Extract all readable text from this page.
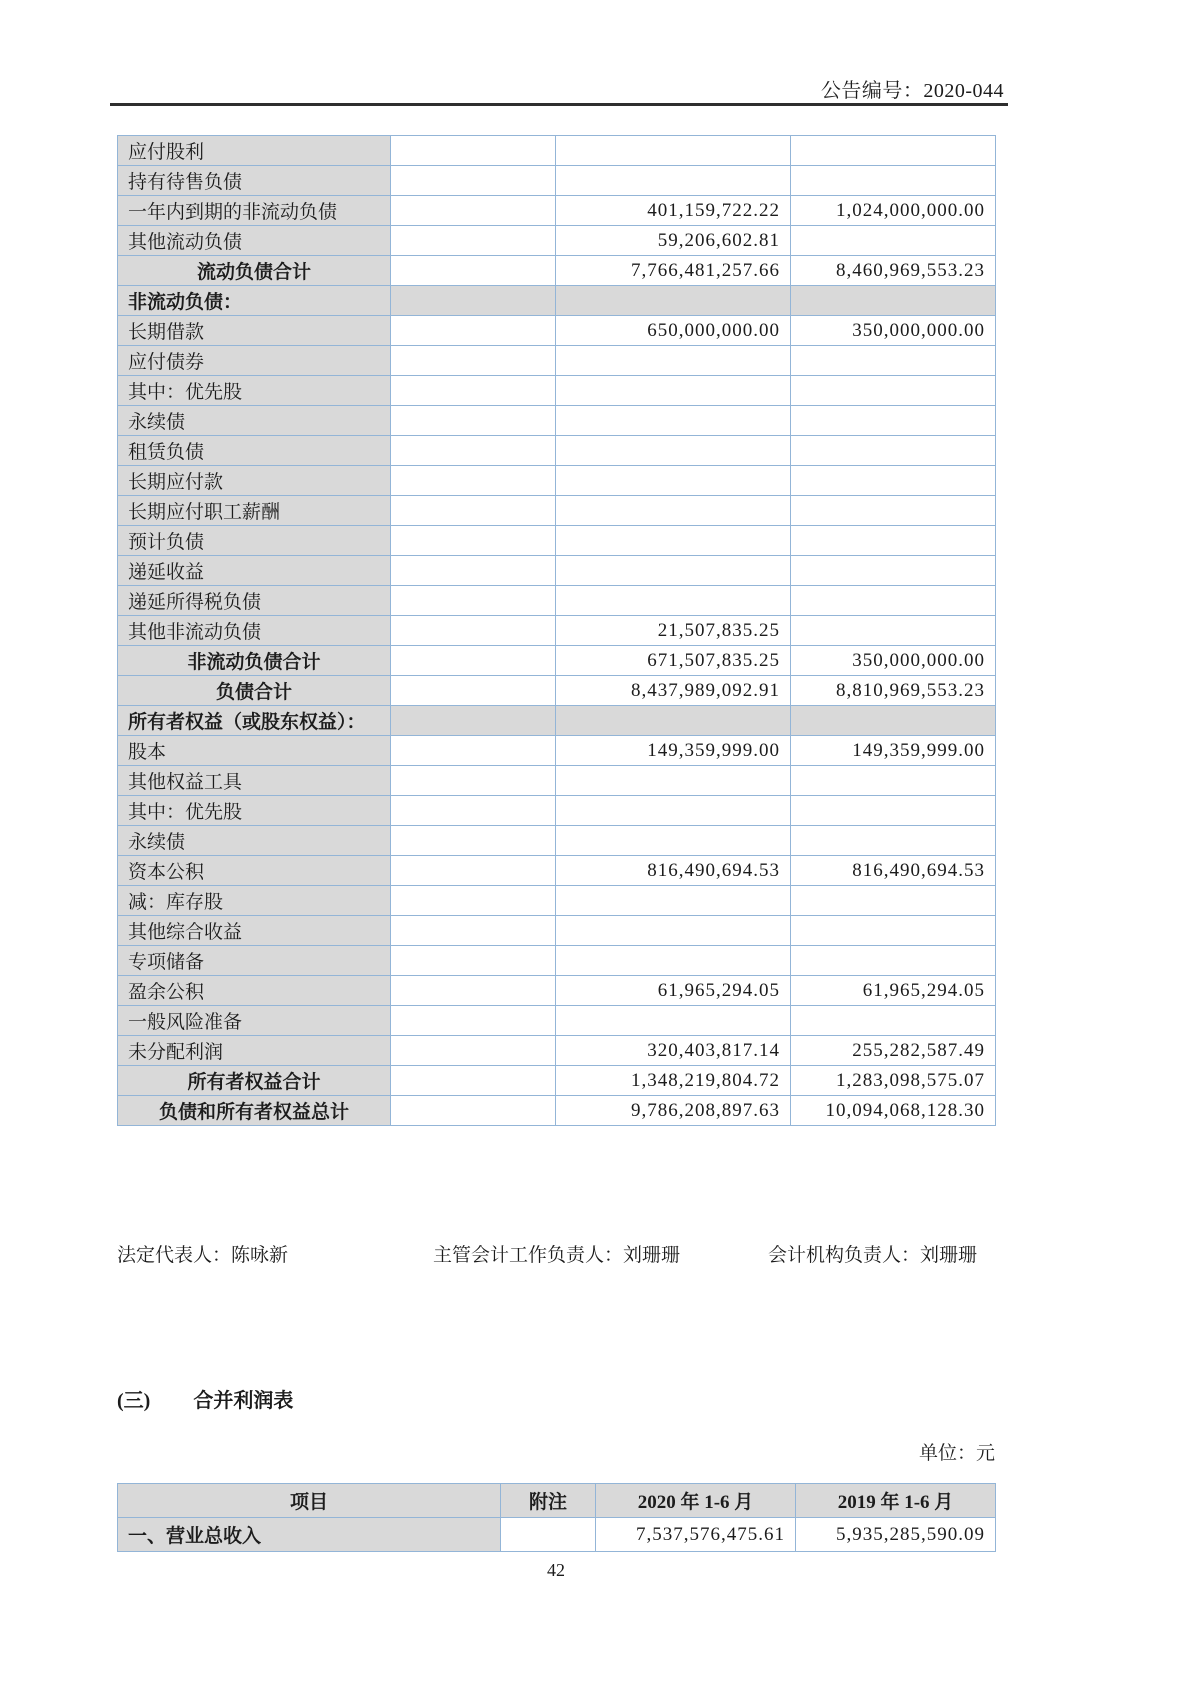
公告编号：2020-044
应付股利			
持有待售负债			
一年内到期的非流动负债		401,159,722.22	1,024,000,000.00
其他流动负债		59,206,602.81	
流动负债合计		7,766,481,257.66	8,460,969,553.23
非流动负债：			
长期借款		650,000,000.00	350,000,000.00
应付债券			
其中：优先股			
永续债			
租赁负债			
长期应付款			
长期应付职工薪酬			
预计负债			
递延收益			
递延所得税负债			
其他非流动负债		21,507,835.25	
非流动负债合计		671,507,835.25	350,000,000.00
负债合计		8,437,989,092.91	8,810,969,553.23
所有者权益（或股东权益）：			
股本		149,359,999.00	149,359,999.00
其他权益工具			
其中：优先股			
永续债			
资本公积		816,490,694.53	816,490,694.53
减：库存股			
其他综合收益			
专项储备			
盈余公积		61,965,294.05	61,965,294.05
一般风险准备			
未分配利润		320,403,817.14	255,282,587.49
所有者权益合计		1,348,219,804.72	1,283,098,575.07
负债和所有者权益总计		9,786,208,897.63	10,094,068,128.30
法定代表人：陈咏新	主管会计工作负责人：刘珊珊	会计机构负责人：刘珊珊
(三) 合并利润表
单位：元
项目	附注	2020 年 1-6 月	2019 年 1-6 月
一、营业总收入		7,537,576,475.61	5,935,285,590.09
42
